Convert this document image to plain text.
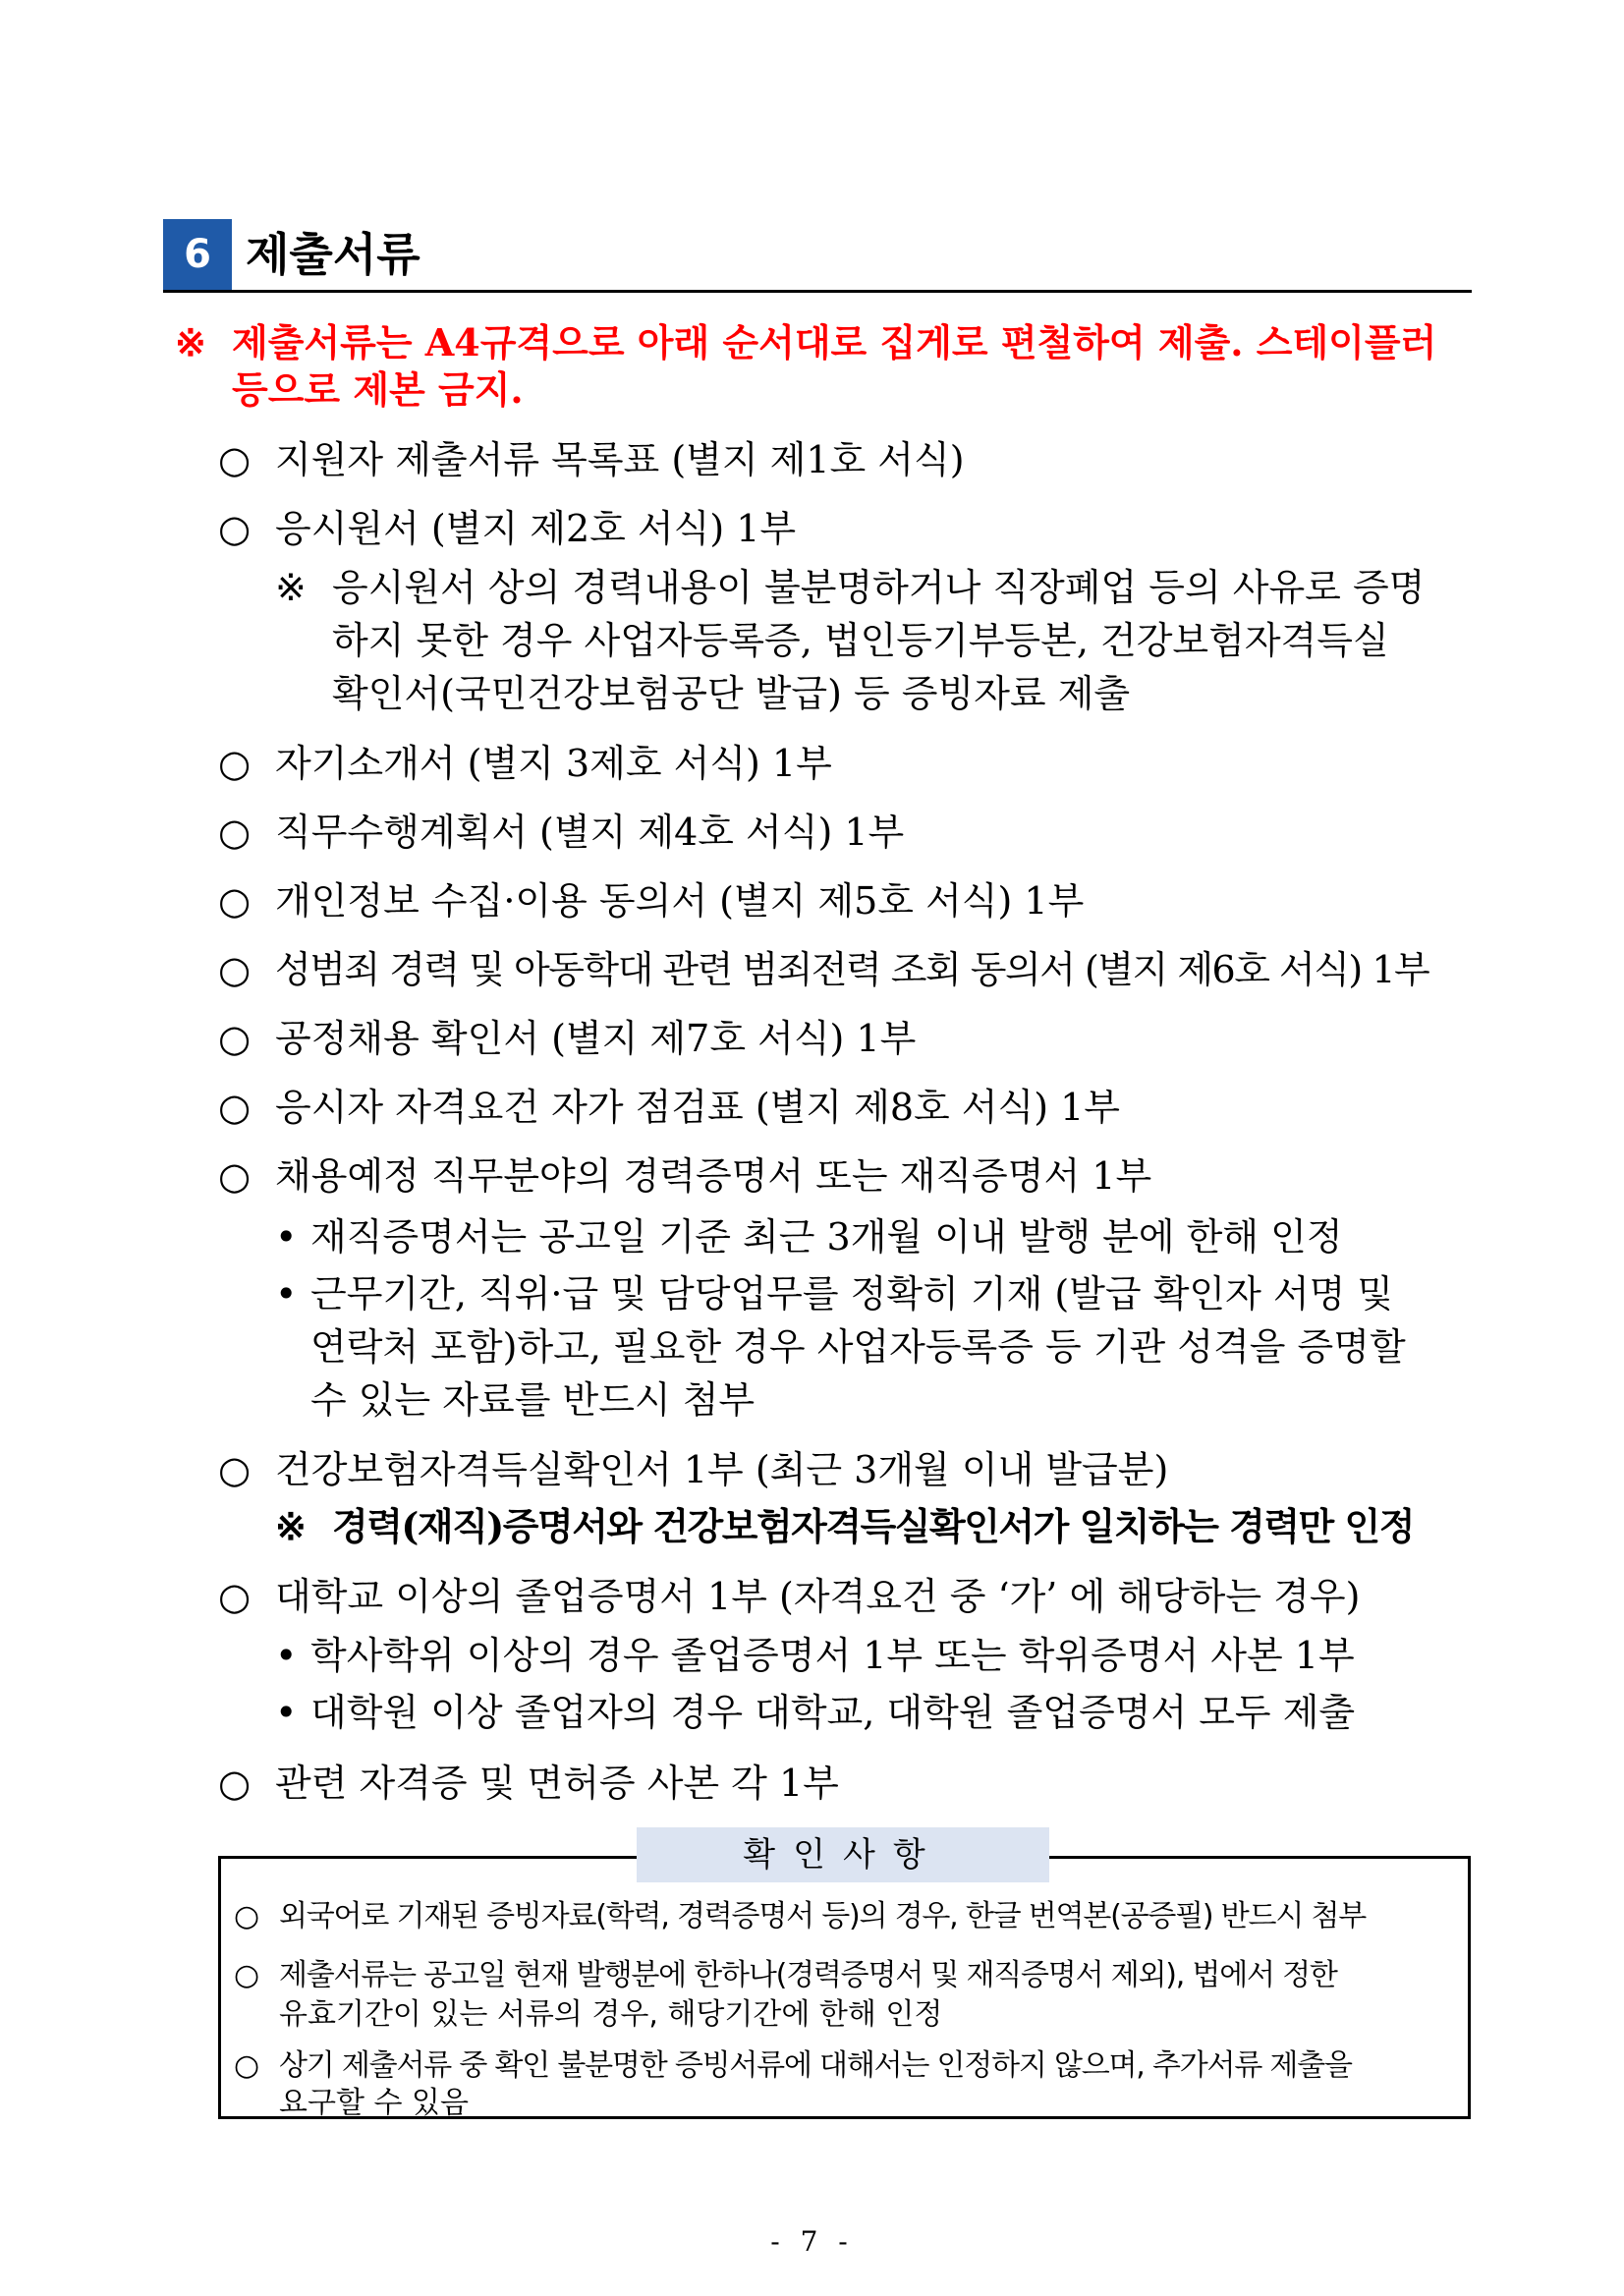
6 제출서류
※ 제출서류는 A4규격으로 아래 순서대로 집게로 편철하여 제출. 스테이플러
등으로 제본 금지.
○ 지원자 제출서류 목록표 (별지 제1호 서식)
○ 응시원서 (별지 제2호 서식) 1부
※ 응시원서 상의 경력내용이 불분명하거나 직장폐업 등의 사유로 증명
하지 못한 경우 사업자등록증, 법인등기부등본, 건강보험자격득실
확인서(국민건강보험공단 발급) 등 증빙자료 제출
○ 자기소개서 (별지 3제호 서식) 1부
○ 직무수행계획서 (별지 제4호 서식) 1부
○ 개인정보 수집·이용 동의서 (별지 제5호 서식) 1부
○ 성범죄 경력 및 아동학대 관련 범죄전력 조회 동의서 (별지 제6호 서식) 1부
○ 공정채용 확인서 (별지 제7호 서식) 1부
○ 응시자 자격요건 자가 점검표 (별지 제8호 서식) 1부
○ 채용예정 직무분야의 경력증명서 또는 재직증명서 1부
• 재직증명서는 공고일 기준 최근 3개월 이내 발행 분에 한해 인정
• 근무기간, 직위·급 및 담당업무를 정확히 기재 (발급 확인자 서명 및
연락처 포함)하고, 필요한 경우 사업자등록증 등 기관 성격을 증명할
수 있는 자료를 반드시 첨부
○ 건강보험자격득실확인서 1부 (최근 3개월 이내 발급분)
※ 경력(재직)증명서와 건강보험자격득실확인서가 일치하는 경력만 인정
○ 대학교 이상의 졸업증명서 1부 (자격요건 중 ‘가’ 에 해당하는 경우)
• 학사학위 이상의 경우 졸업증명서 1부 또는 학위증명서 사본 1부
• 대학원 이상 졸업자의 경우 대학교, 대학원 졸업증명서 모두 제출
○ 관련 자격증 및 면허증 사본 각 1부
확인사항
○ 외국어로 기재된 증빙자료(학력, 경력증명서 등)의 경우, 한글 번역본(공증필) 반드시 첨부
○ 제출서류는 공고일 현재 발행분에 한하나(경력증명서 및 재직증명서 제외), 법에서 정한
유효기간이 있는 서류의 경우, 해당기간에 한해 인정
○ 상기 제출서류 중 확인 불분명한 증빙서류에 대해서는 인정하지 않으며, 추가서류 제출을
요구할 수 있음
- 7 -
